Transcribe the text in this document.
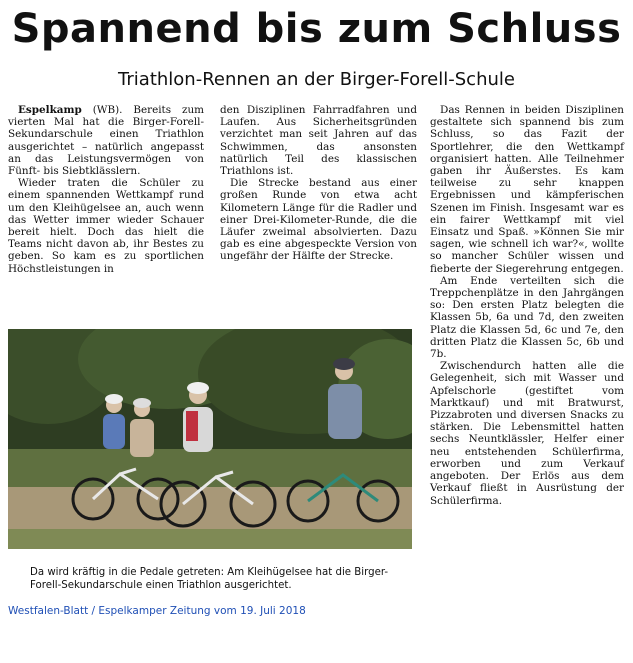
Spannend bis zum Schluss
Triathlon-Rennen an der Birger-Forell-Schule

Espelkamp (WB). Bereits zum vierten Mal hat die Birger-Forell-Sekundarschule einen Triathlon ausgerichtet – natürlich angepasst an das Leistungsvermögen von Fünft- bis Siebtklässlern.

Wieder traten die Schüler zu einem spannenden Wettkampf rund um den Kleihügelsee an, auch wenn das Wetter immer wieder Schauer bereit hielt. Doch das hielt die Teams nicht davon ab, ihr Bestes zu geben. So kam es zu sportlichen Höchstleistungen in

den Disziplinen Fahrradfahren und Laufen. Aus Sicherheitsgründen verzichtet man seit Jahren auf das Schwimmen, das ansonsten natürlich Teil des klassischen Triathlons ist.

Die Strecke bestand aus einer großen Runde von etwa acht Kilometern Länge für die Radler und einer Drei-Kilometer-Runde, die die Läufer zweimal absolvierten. Dazu gab es eine abgespeckte Version von ungefähr der Hälfte der Strecke.

Das Rennen in beiden Disziplinen gestaltete sich spannend bis zum Schluss, so das Fazit der Sportlehrer, die den Wettkampf organisiert hatten. Alle Teilnehmer gaben ihr Äußerstes. Es kam teilweise zu sehr knappen Ergebnissen und kämpferischen Szenen im Finish. Insgesamt war es ein fairer Wettkampf mit viel Einsatz und Spaß. »Können Sie mir sagen, wie schnell ich war?«, wollte so mancher Schüler wissen und fieberte der Siegerehrung entgegen.

Am Ende verteilten sich die Treppchenplätze in den Jahrgängen so: Den ersten Platz belegten die Klassen 5b, 6a und 7d, den zweiten Platz die Klassen 5d, 6c und 7e, den dritten Platz die Klassen 5c, 6b und 7b.

Zwischendurch hatten alle die Gelegenheit, sich mit Wasser und Apfelschorle (gestiftet vom Marktkauf) und mit Bratwurst, Pizzabroten und diversen Snacks zu stärken. Die Lebensmittel hatten sechs Neuntklässler, Helfer einer neu entstehenden Schülerfirma, erworben und zum Verkauf angeboten. Der Erlös aus dem Verkauf fließt in Ausrüstung der Schülerfirma.

Da wird kräftig in die Pedale getreten: Am Kleihügelsee hat die Birger-Forell-Sekundarschule einen Triathlon ausgerichtet.
Westfalen-Blatt / Espelkamper Zeitung vom 19. Juli 2018
